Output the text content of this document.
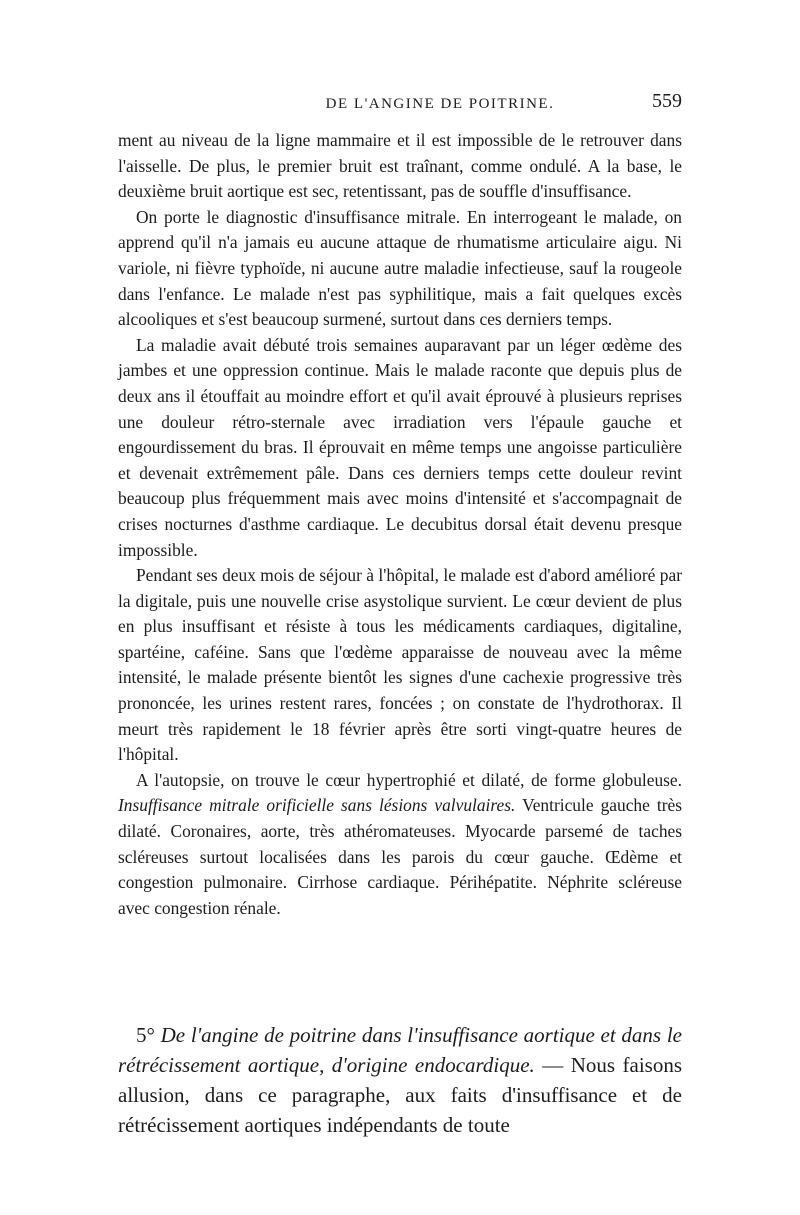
DE L'ANGINE DE POITRINE.	559

ment au niveau de la ligne mammaire et il est impossible de le retrouver dans l'aisselle. De plus, le premier bruit est traînant, comme ondulé. A la base, le deuxième bruit aortique est sec, retentissant, pas de souffle d'insuffisance.

On porte le diagnostic d'insuffisance mitrale. En interrogeant le malade, on apprend qu'il n'a jamais eu aucune attaque de rhumatisme articulaire aigu. Ni variole, ni fièvre typhoïde, ni aucune autre maladie infectieuse, sauf la rougeole dans l'enfance. Le malade n'est pas syphilitique, mais a fait quelques excès alcooliques et s'est beaucoup surmené, surtout dans ces derniers temps.

La maladie avait débuté trois semaines auparavant par un léger œdème des jambes et une oppression continue. Mais le malade raconte que depuis plus de deux ans il étouffait au moindre effort et qu'il avait éprouvé à plusieurs reprises une douleur rétro-sternale avec irradiation vers l'épaule gauche et engourdissement du bras. Il éprouvait en même temps une angoisse particulière et devenait extrêmement pâle. Dans ces derniers temps cette douleur revint beaucoup plus fréquemment mais avec moins d'intensité et s'accompagnait de crises nocturnes d'asthme cardiaque. Le decubitus dorsal était devenu presque impossible.

Pendant ses deux mois de séjour à l'hôpital, le malade est d'abord amélioré par la digitale, puis une nouvelle crise asystolique survient. Le cœur devient de plus en plus insuffisant et résiste à tous les médicaments cardiaques, digitaline, spartéine, caféine. Sans que l'œdème apparaisse de nouveau avec la même intensité, le malade présente bientôt les signes d'une cachexie progressive très prononcée, les urines restent rares, foncées ; on constate de l'hydrothorax. Il meurt très rapidement le 18 février après être sorti vingt-quatre heures de l'hôpital.

A l'autopsie, on trouve le cœur hypertrophié et dilaté, de forme globuleuse. Insuffisance mitrale orificielle sans lésions valvulaires. Ventricule gauche très dilaté. Coronaires, aorte, très athéromateuses. Myocarde parsemé de taches scléreuses surtout localisées dans les parois du cœur gauche. Œdème et congestion pulmonaire. Cirrhose cardiaque. Périhépatite. Néphrite scléreuse avec congestion rénale.

5° De l'angine de poitrine dans l'insuffisance aortique et dans le rétrécissement aortique, d'origine endocardique. — Nous faisons allusion, dans ce paragraphe, aux faits d'insuffisance et de rétrécissement aortiques indépendants de toute
